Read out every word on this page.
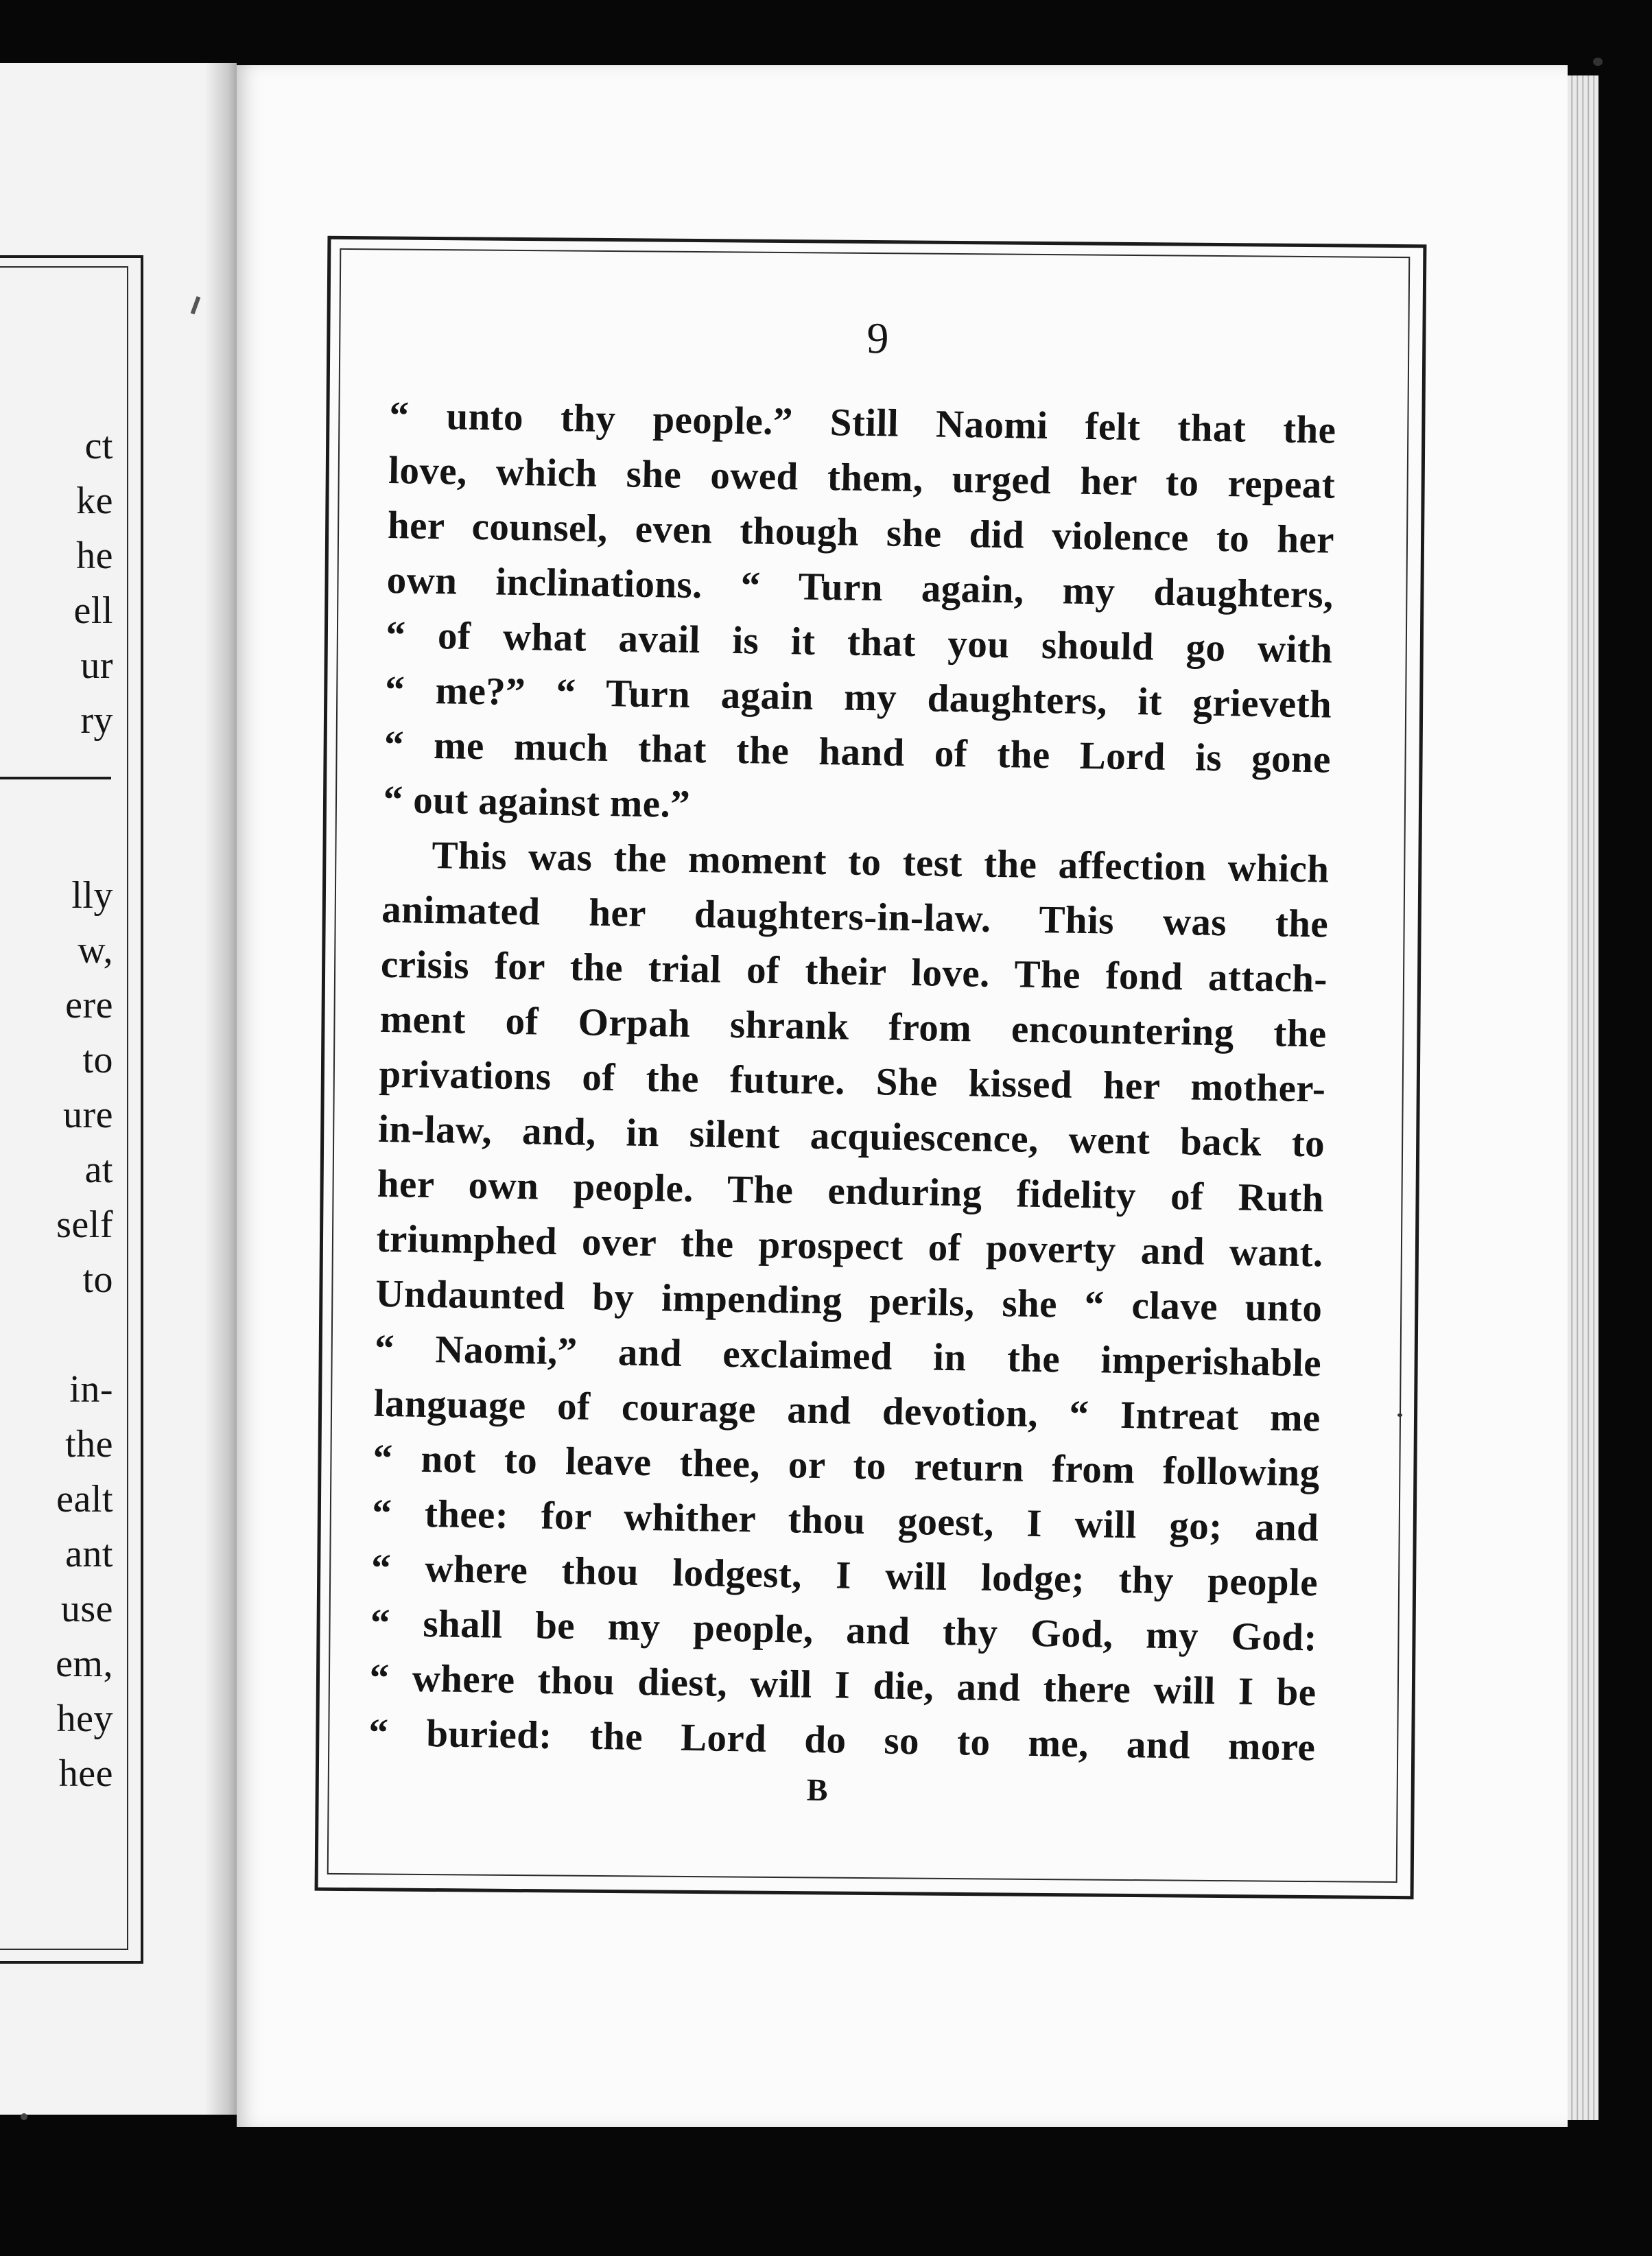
ct
ke
he
ell
ur
ry
lly
w,
ere
to
ure
at
self
to
in-
the
ealt
ant
use
em,
hey
hee
9
“ unto thy people.” Still Naomi felt that the
love, which she owed them, urged her to repeat
her counsel, even though she did violence to her
own inclinations. “ Turn again, my daughters,
“ of what avail is it that you should go with
“ me?” “ Turn again my daughters, it grieveth
“ me much that the hand of the Lord is gone
“ out against me.”
This was the moment to test the affection which
animated her daughters-in-law. This was the
crisis for the trial of their love. The fond attach-
ment of Orpah shrank from encountering the
privations of the future. She kissed her mother-
in-law, and, in silent acquiescence, went back to
her own people. The enduring fidelity of Ruth
triumphed over the prospect of poverty and want.
Undaunted by impending perils, she “ clave unto
“ Naomi,” and exclaimed in the imperishable
language of courage and devotion, “ Intreat me
“ not to leave thee, or to return from following
“ thee: for whither thou goest, I will go; and
“ where thou lodgest, I will lodge; thy people
“ shall be my people, and thy God, my God:
“ where thou diest, will I die, and there will I be
“ buried: the Lord do so to me, and more
B
